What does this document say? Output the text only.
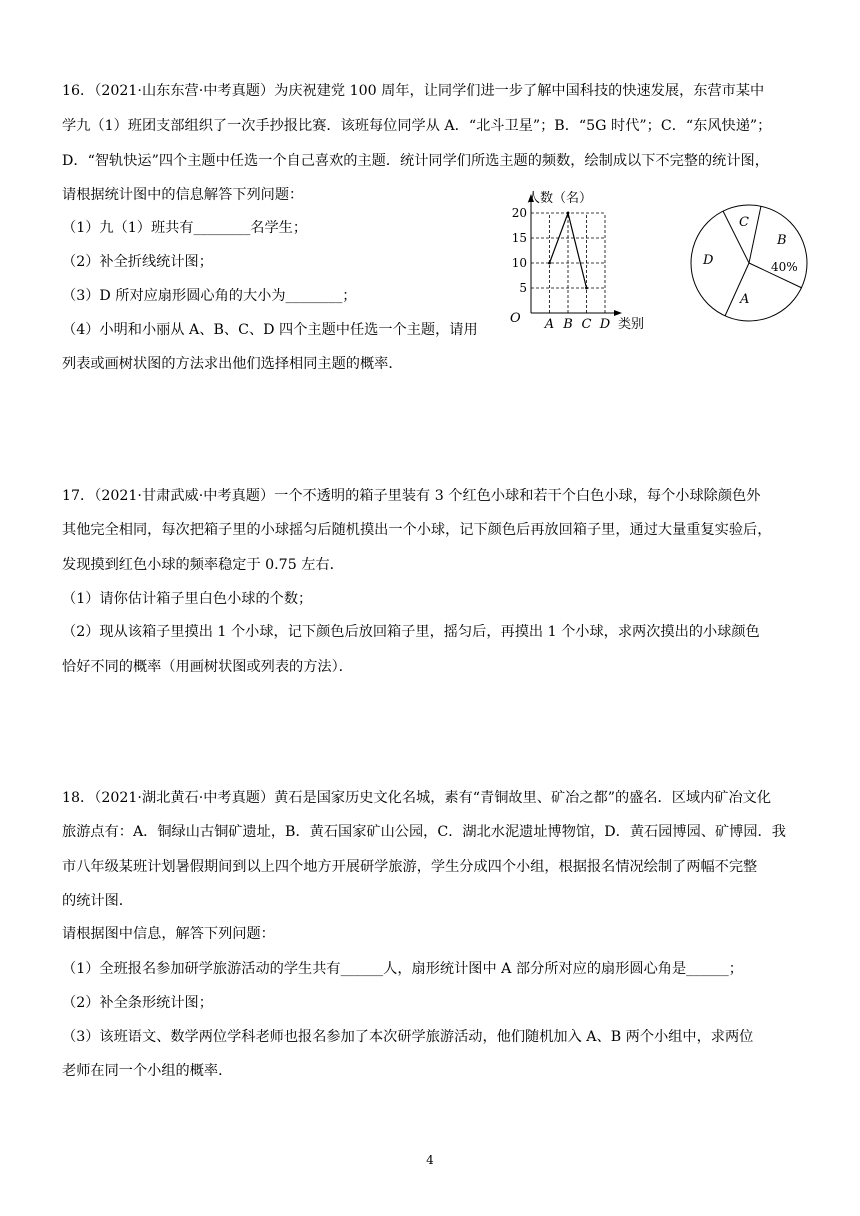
16．（2021·山东东营·中考真题）为庆祝建党 100 周年，让同学们进一步了解中国科技的快速发展，东营市某中
学九（1）班团支部组织了一次手抄报比赛．该班每位同学从 A．“北斗卫星”；B．“5G 时代”；C．“东风快递”；
D．“智轨快运”四个主题中任选一个自己喜欢的主题．统计同学们所选主题的频数，绘制成以下不完整的统计图，
请根据统计图中的信息解答下列问题：
（1）九（1）班共有________名学生；
（2）补全折线统计图；
（3）D 所对应扇形圆心角的大小为________；
（4）小明和小丽从 A、B、C、D 四个主题中任选一个主题，请用
列表或画树状图的方法求出他们选择相同主题的概率．
5
10
15
20
A B C D
人数（名）
类别
O
C
B
40%
A
D
17．（2021·甘肃武威·中考真题）一个不透明的箱子里装有 3 个红色小球和若干个白色小球，每个小球除颜色外
其他完全相同，每次把箱子里的小球摇匀后随机摸出一个小球，记下颜色后再放回箱子里，通过大量重复实验后，
发现摸到红色小球的频率稳定于 0.75 左右．
（1）请你估计箱子里白色小球的个数；
（2）现从该箱子里摸出 1 个小球，记下颜色后放回箱子里，摇匀后，再摸出 1 个小球，求两次摸出的小球颜色
恰好不同的概率（用画树状图或列表的方法）．
18．（2021·湖北黄石·中考真题）黄石是国家历史文化名城，素有“青铜故里、矿冶之都”的盛名．区域内矿冶文化
旅游点有：A．铜绿山古铜矿遗址，B．黄石国家矿山公园，C．湖北水泥遗址博物馆，D．黄石园博园、矿博园．我
市八年级某班计划暑假期间到以上四个地方开展研学旅游，学生分成四个小组，根据报名情况绘制了两幅不完整
的统计图．
请根据图中信息，解答下列问题：
（1）全班报名参加研学旅游活动的学生共有______人，扇形统计图中 A 部分所对应的扇形圆心角是______；
（2）补全条形统计图；
（3）该班语文、数学两位学科老师也报名参加了本次研学旅游活动，他们随机加入 A、B 两个小组中，求两位
老师在同一个小组的概率．
4
